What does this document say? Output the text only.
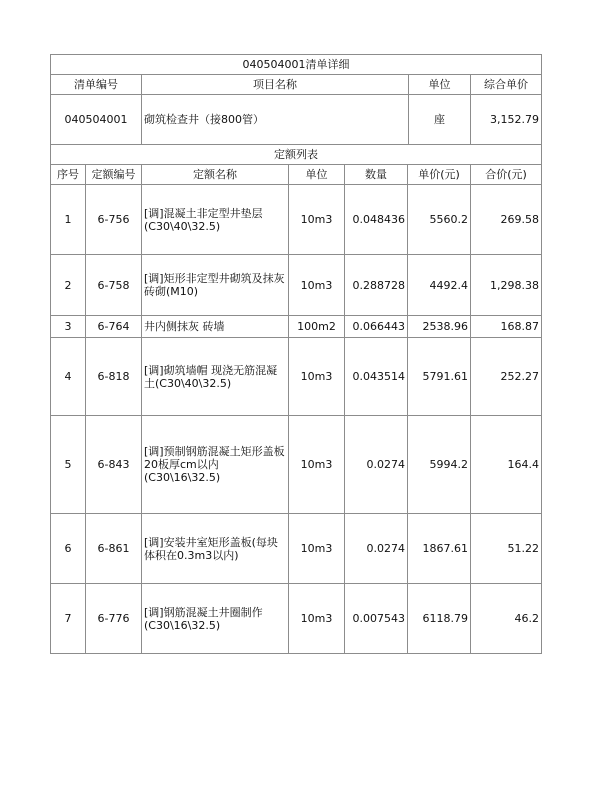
040504001清单详细			
清单编号	项目名称	单位	综合单价
040504001	砌筑检查井（接800管）	座	3,152.79
定额列表						
序号	定额编号	定额名称	单位	数量	单价(元)	合价(元)
1	6-756	[调]混凝土非定型井垫层(C30\40\32.5)	10m3	0.048436	5560.2	269.58
2	6-758	[调]矩形非定型井砌筑及抹灰 砖砌(M10)	10m3	0.288728	4492.4	1,298.38
3	6-764	井内侧抹灰 砖墙	100m2	0.066443	2538.96	168.87
4	6-818	[调]砌筑墙帽 现浇无筋混凝土(C30\40\32.5)	10m3	0.043514	5791.61	252.27
5	6-843	[调]预制钢筋混凝土矩形盖板20板厚cm以内(C30\16\32.5)	10m3	0.0274	5994.2	164.4
6	6-861	[调]安装井室矩形盖板(每块体积在0.3m3以内)	10m3	0.0274	1867.61	51.22
7	6-776	[调]钢筋混凝土井圈制作(C30\16\32.5)	10m3	0.007543	6118.79	46.2
